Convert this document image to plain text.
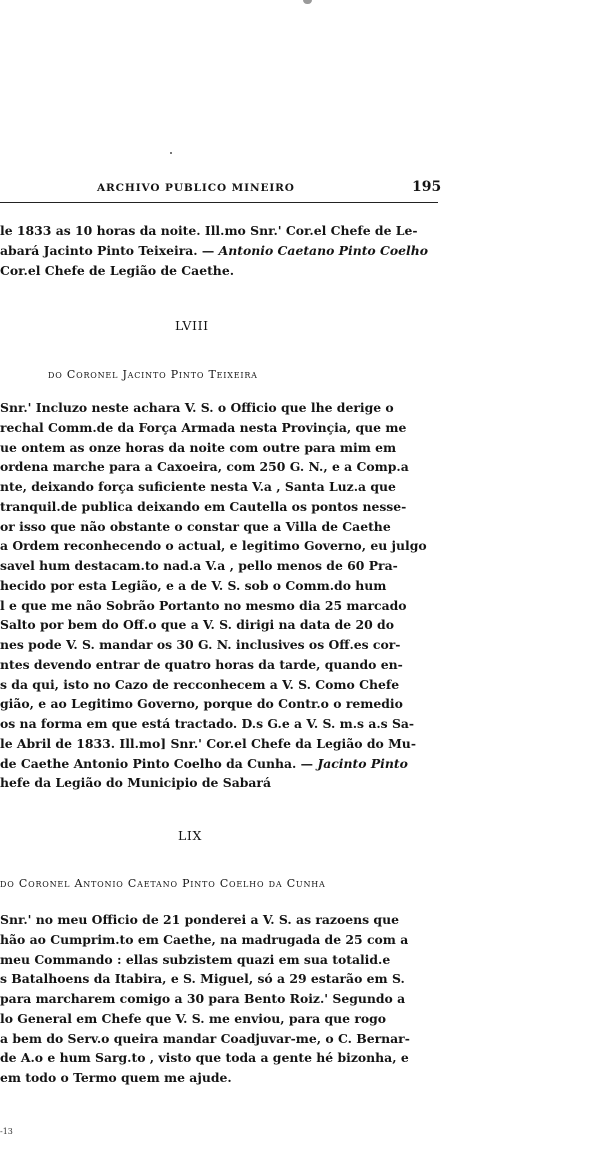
ARCHIVO PUBLICO MINEIRO	195
le 1833 as 10 horas da noite. Ill.mo Snr.' Cor.el Chefe de Le-
abará Jacinto Pinto Teixeira. — Antonio Caetano Pinto Coelho
Cor.el Chefe de Legião de Caethe.
LVIII
do Coronel Jacinto Pinto Teixeira
Snr.' Incluzo neste achara V. S. o Officio que lhe derige o
rechal Comm.de da Força Armada nesta Provinçia, que me
ue ontem as onze horas da noite com outre para mim em
ordena marche para a Caxoeira, com 250 G. N., e a Comp.a
nte, deixando força suficiente nesta V.a , Santa Luz.a que
tranquil.de publica deixando em Cautella os pontos nesse-
or isso que não obstante o constar que a Villa de Caethe
a Ordem reconhecendo o actual, e legitimo Governo, eu julgo
savel hum destacam.to nad.a V.a , pello menos de 60 Pra-
hecido por esta Legião, e a de V. S. sob o Comm.do hum
l e que me não Sobrão Portanto no mesmo dia 25 marcado
Salto por bem do Off.o que a V. S. dirigi na data de 20 do
nes pode V. S. mandar os 30 G. N. inclusives os Off.es cor-
ntes devendo entrar de quatro horas da tarde, quando en-
s da qui, isto no Cazo de recconhecem a V. S. Como Chefe
gião, e ao Legitimo Governo, porque do Contr.o o remedio
os na forma em que está tractado. D.s G.e a V. S. m.s a.s Sa-
le Abril de 1833. Ill.mo] Snr.' Cor.el Chefe da Legião do Mu-
de Caethe Antonio Pinto Coelho da Cunha. — Jacinto Pinto
hefe da Legião do Municipio de Sabará
LIX
do Coronel Antonio Caetano Pinto Coelho da Cunha
Snr.' no meu Officio de 21 ponderei a V. S. as razoens que
hão ao Cumprim.to em Caethe, na madrugada de 25 com a
meu Commando : ellas subzistem quazi em sua totalid.e
s Batalhoens da Itabira, e S. Miguel, só a 29 estarão em S.
para marcharem comigo a 30 para Bento Roiz.' Segundo a
lo General em Chefe que V. S. me enviou, para que rogo
a bem do Serv.o queira mandar Coadjuvar-me, o C. Bernar-
de A.o e hum Sarg.to , visto que toda a gente hé bizonha, e
em todo o Termo quem me ajude.
-13
